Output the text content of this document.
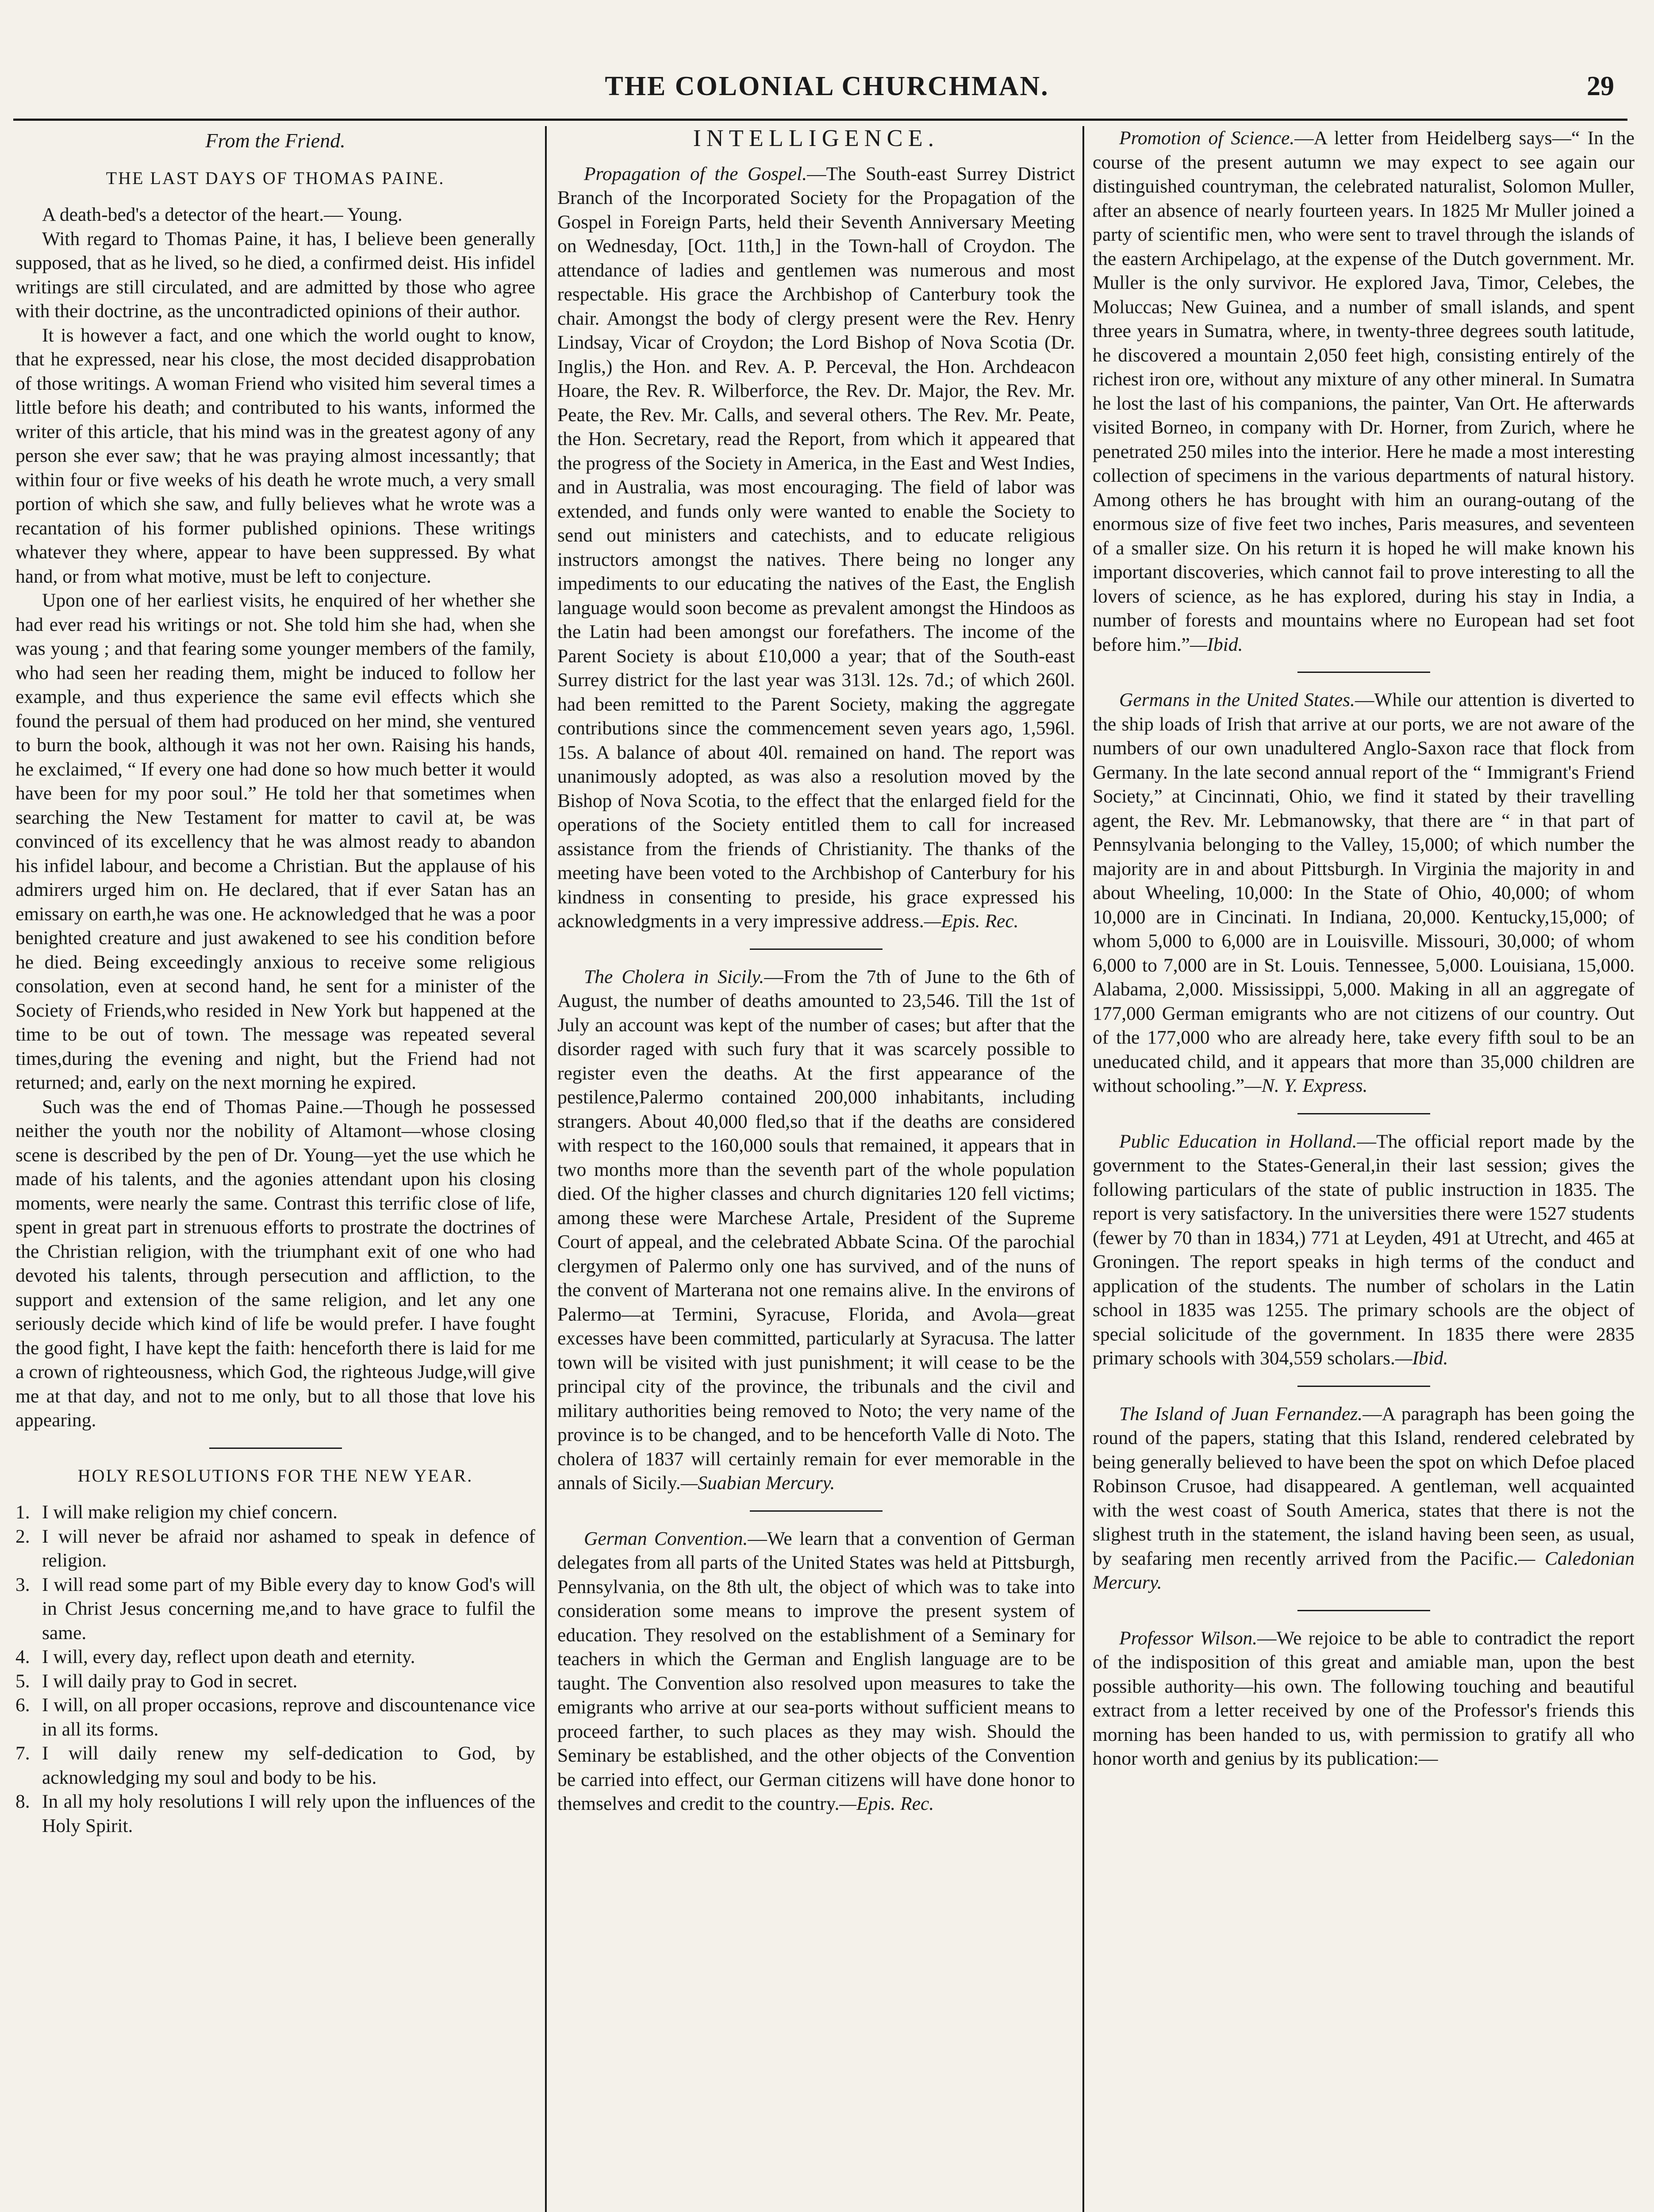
THE COLONIAL CHURCHMAN.	29
From the Friend.
THE LAST DAYS OF THOMAS PAINE.

A death-bed's a detector of the heart.— Young.

With regard to Thomas Paine, it has, I believe been generally supposed, that as he lived, so he died, a confirmed deist. His infidel writings are still circulated, and are admitted by those who agree with their doctrine, as the uncontradicted opinions of their author.

It is however a fact, and one which the world ought to know, that he expressed, near his close, the most decided disapprobation of those writings. A woman Friend who visited him several times a little before his death; and contributed to his wants, informed the writer of this article, that his mind was in the greatest agony of any person she ever saw; that he was praying almost incessantly; that within four or five weeks of his death he wrote much, a very small portion of which she saw, and fully believes what he wrote was a recantation of his former published opinions. These writings whatever they where, appear to have been suppressed. By what hand, or from what motive, must be left to conjecture.

Upon one of her earliest visits, he enquired of her whether she had ever read his writings or not. She told him she had, when she was young ; and that fearing some younger members of the family, who had seen her reading them, might be induced to follow her example, and thus experience the same evil effects which she found the persual of them had produced on her mind, she ventured to burn the book, although it was not her own. Raising his hands, he exclaimed, “ If every one had done so how much better it would have been for my poor soul.” He told her that sometimes when searching the New Testament for matter to cavil at, be was convinced of its excellency that he was almost ready to abandon his infidel labour, and become a Christian. But the applause of his admirers urged him on. He declared, that if ever Satan has an emissary on earth,he was one. He acknowledged that he was a poor benighted creature and just awakened to see his condition before he died. Being exceedingly anxious to receive some religious consolation, even at second hand, he sent for a minister of the Society of Friends,who resided in New York but happened at the time to be out of town. The message was repeated several times,during the evening and night, but the Friend had not returned; and, early on the next morning he expired.

Such was the end of Thomas Paine.—Though he possessed neither the youth nor the nobility of Altamont—whose closing scene is described by the pen of Dr. Young—yet the use which he made of his talents, and the agonies attendant upon his closing moments, were nearly the same. Contrast this terrific close of life, spent in great part in strenuous efforts to prostrate the doctrines of the Christian religion, with the triumphant exit of one who had devoted his talents, through persecution and affliction, to the support and extension of the same religion, and let any one seriously decide which kind of life be would prefer. I have fought the good fight, I have kept the faith: henceforth there is laid for me a crown of righteousness, which God, the righteous Judge,will give me at that day, and not to me only, but to all those that love his appearing.

HOLY RESOLUTIONS FOR THE NEW YEAR.
1. I will make religion my chief concern.
2. I will never be afraid nor ashamed to speak in defence of religion.
3. I will read some part of my Bible every day to know God's will in Christ Jesus concerning me,and to have grace to fulfil the same.
4. I will, every day, reflect upon death and eternity.
5. I will daily pray to God in secret.
6. I will, on all proper occasions, reprove and discountenance vice in all its forms.
7. I will daily renew my self-dedication to God, by acknowledging my soul and body to be his.
8. In all my holy resolutions I will rely upon the influences of the Holy Spirit.
INTELLIGENCE.

Propagation of the Gospel.—The South-east Surrey District Branch of the Incorporated Society for the Propagation of the Gospel in Foreign Parts, held their Seventh Anniversary Meeting on Wednesday, [Oct. 11th,] in the Town-hall of Croydon. The attendance of ladies and gentlemen was numerous and most respectable. His grace the Archbishop of Canterbury took the chair. Amongst the body of clergy present were the Rev. Henry Lindsay, Vicar of Croydon; the Lord Bishop of Nova Scotia (Dr. Inglis,) the Hon. and Rev. A. P. Perceval, the Hon. Archdeacon Hoare, the Rev. R. Wilberforce, the Rev. Dr. Major, the Rev. Mr. Peate, the Rev. Mr. Calls, and several others. The Rev. Mr. Peate, the Hon. Secretary, read the Report, from which it appeared that the progress of the Society in America, in the East and West Indies, and in Australia, was most encouraging. The field of labor was extended, and funds only were wanted to enable the Society to send out ministers and catechists, and to educate religious instructors amongst the natives. There being no longer any impediments to our educating the natives of the East, the English language would soon become as prevalent amongst the Hindoos as the Latin had been amongst our forefathers. The income of the Parent Society is about £10,000 a year; that of the South-east Surrey district for the last year was 313l. 12s. 7d.; of which 260l. had been remitted to the Parent Society, making the aggregate contributions since the commencement seven years ago, 1,596l. 15s. A balance of about 40l. remained on hand. The report was unanimously adopted, as was also a resolution moved by the Bishop of Nova Scotia, to the effect that the enlarged field for the operations of the Society entitled them to call for increased assistance from the friends of Christianity. The thanks of the meeting have been voted to the Archbishop of Canterbury for his kindness in consenting to preside, his grace expressed his acknowledgments in a very impressive address.—Epis. Rec.

The Cholera in Sicily.—From the 7th of June to the 6th of August, the number of deaths amounted to 23,546. Till the 1st of July an account was kept of the number of cases; but after that the disorder raged with such fury that it was scarcely possible to register even the deaths. At the first appearance of the pestilence,Palermo contained 200,000 inhabitants, including strangers. About 40,000 fled,so that if the deaths are considered with respect to the 160,000 souls that remained, it appears that in two months more than the seventh part of the whole population died. Of the higher classes and church dignitaries 120 fell victims; among these were Marchese Artale, President of the Supreme Court of appeal, and the celebrated Abbate Scina. Of the parochial clergymen of Palermo only one has survived, and of the nuns of the convent of Marterana not one remains alive. In the environs of Palermo—at Termini, Syracuse, Florida, and Avola—great excesses have been committed, particularly at Syracusa. The latter town will be visited with just punishment; it will cease to be the principal city of the province, the tribunals and the civil and military authorities being removed to Noto; the very name of the province is to be changed, and to be henceforth Valle di Noto. The cholera of 1837 will certainly remain for ever memorable in the annals of Sicily.—Suabian Mercury.

German Convention.—We learn that a convention of German delegates from all parts of the United States was held at Pittsburgh, Pennsylvania, on the 8th ult, the object of which was to take into consideration some means to improve the present system of education. They resolved on the establishment of a Seminary for teachers in which the German and English language are to be taught. The Convention also resolved upon measures to take the emigrants who arrive at our sea-ports without sufficient means to proceed farther, to such places as they may wish. Should the Seminary be established, and the other objects of the Convention be carried into effect, our German citizens will have done honor to themselves and credit to the country.—Epis. Rec.

Promotion of Science.—A letter from Heidelberg says—“ In the course of the present autumn we may expect to see again our distinguished countryman, the celebrated naturalist, Solomon Muller, after an absence of nearly fourteen years. In 1825 Mr Muller joined a party of scientific men, who were sent to travel through the islands of the eastern Archipelago, at the expense of the Dutch government. Mr. Muller is the only survivor. He explored Java, Timor, Celebes, the Moluccas; New Guinea, and a number of small islands, and spent three years in Sumatra, where, in twenty-three degrees south latitude, he discovered a mountain 2,050 feet high, consisting entirely of the richest iron ore, without any mixture of any other mineral. In Sumatra he lost the last of his companions, the painter, Van Ort. He afterwards visited Borneo, in company with Dr. Horner, from Zurich, where he penetrated 250 miles into the interior. Here he made a most interesting collection of specimens in the various departments of natural history. Among others he has brought with him an ourang-outang of the enormous size of five feet two inches, Paris measures, and seventeen of a smaller size. On his return it is hoped he will make known his important discoveries, which cannot fail to prove interesting to all the lovers of science, as he has explored, during his stay in India, a number of forests and mountains where no European had set foot before him.”—Ibid.

Germans in the United States.—While our attention is diverted to the ship loads of Irish that arrive at our ports, we are not aware of the numbers of our own unadultered Anglo-Saxon race that flock from Germany. In the late second annual report of the “ Immigrant's Friend Society,” at Cincinnati, Ohio, we find it stated by their travelling agent, the Rev. Mr. Lebmanowsky, that there are “ in that part of Pennsylvania belonging to the Valley, 15,000; of which number the majority are in and about Pittsburgh. In Virginia the majority in and about Wheeling, 10,000: In the State of Ohio, 40,000; of whom 10,000 are in Cincinati. In Indiana, 20,000. Kentucky,15,000; of whom 5,000 to 6,000 are in Louisville. Missouri, 30,000; of whom 6,000 to 7,000 are in St. Louis. Tennessee, 5,000. Louisiana, 15,000. Alabama, 2,000. Mississippi, 5,000. Making in all an aggregate of 177,000 German emigrants who are not citizens of our country. Out of the 177,000 who are already here, take every fifth soul to be an uneducated child, and it appears that more than 35,000 children are without schooling.”—N. Y. Express.

Public Education in Holland.—The official report made by the government to the States-General,in their last session; gives the following particulars of the state of public instruction in 1835. The report is very satisfactory. In the universities there were 1527 students (fewer by 70 than in 1834,) 771 at Leyden, 491 at Utrecht, and 465 at Groningen. The report speaks in high terms of the conduct and application of the students. The number of scholars in the Latin school in 1835 was 1255. The primary schools are the object of special solicitude of the government. In 1835 there were 2835 primary schools with 304,559 scholars.—Ibid.

The Island of Juan Fernandez.—A paragraph has been going the round of the papers, stating that this Island, rendered celebrated by being generally believed to have been the spot on which Defoe placed Robinson Crusoe, had disappeared. A gentleman, well acquainted with the west coast of South America, states that there is not the slighest truth in the statement, the island having been seen, as usual, by seafaring men recently arrived from the Pacific.— Caledonian Mercury.

Professor Wilson.—We rejoice to be able to contradict the report of the indisposition of this great and amiable man, upon the best possible authority—his own. The following touching and beautiful extract from a letter received by one of the Professor's friends this morning has been handed to us, with permission to gratify all who honor worth and genius by its publication:—
